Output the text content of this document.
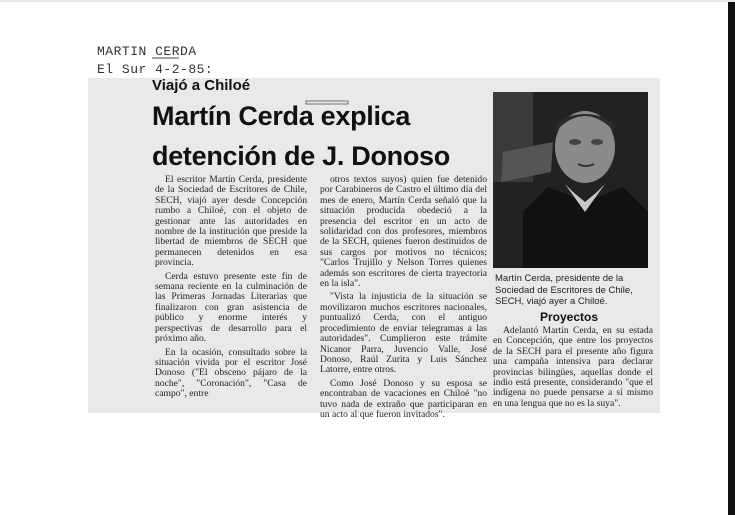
MARTIN CERDA
El Sur 4-2-85:
Viajó a Chiloé
Martín Cerda explica
detención de J. Donoso

El escritor Martín Cerda, presidente de la Sociedad de Escritores de Chile, SECH, viajó ayer desde Concepción rumbo a Chiloé, con el objeto de gestionar ante las autoridades en nombre de la institución que preside la libertad de miembros de SECH que permanecen detenidos en esa provincia.

Cerda estuvo presente este fin de semana reciente en la culminación de las Primeras Jornadas Literarias que finalizaron con gran asistencia de público y enorme interés y perspectivas de desarrollo para el próximo año.

En la ocasión, consultado sobre la situación vivida por el escritor José Donoso ("El obsceno pájaro de la noche", "Coronación", "Casa de campo", entre

otros textos suyos) quien fue detenido por Carabineros de Castro el último día del mes de enero, Martín Cerda señaló que la situación producida obedeció a la presencia del escritor en un acto de solidaridad con dos profesores, miembros de la SECH, quienes fueron destituidos de sus cargos por motivos no técnicos; "Carlos Trujillo y Nelson Torres quienes además son escritores de cierta trayectoria en la isla".

"Vista la injusticia de la situación se movilizaron muchos escritores nacionales, puntualizó Cerda, con el antiguo procedimiento de enviar telegramas a las autoridades". Cumplieron este trámite Nicanor Parra, Juvencio Valle, José Donoso, Raúl Zurita y Luis Sánchez Latorre, entre otros.

Como José Donoso y su esposa se encontraban de vacaciones en Chiloé "no tuvo nada de extraño que participaran en un acto al que fueron invitados".

Martín Cerda, presidente de la Sociedad de Escritores de Chile, SECH, viajó ayer a Chiloé.
Proyectos

Adelantó Martín Cerda, en su estada en Concepción, que entre los proyectos de la SECH para el presente año figura una campaña intensiva para declarar provincias bilingües, aquellas donde el indio está presente, considerando "que el indígena no puede pensarse a sí mismo en una lengua que no es la suya".
